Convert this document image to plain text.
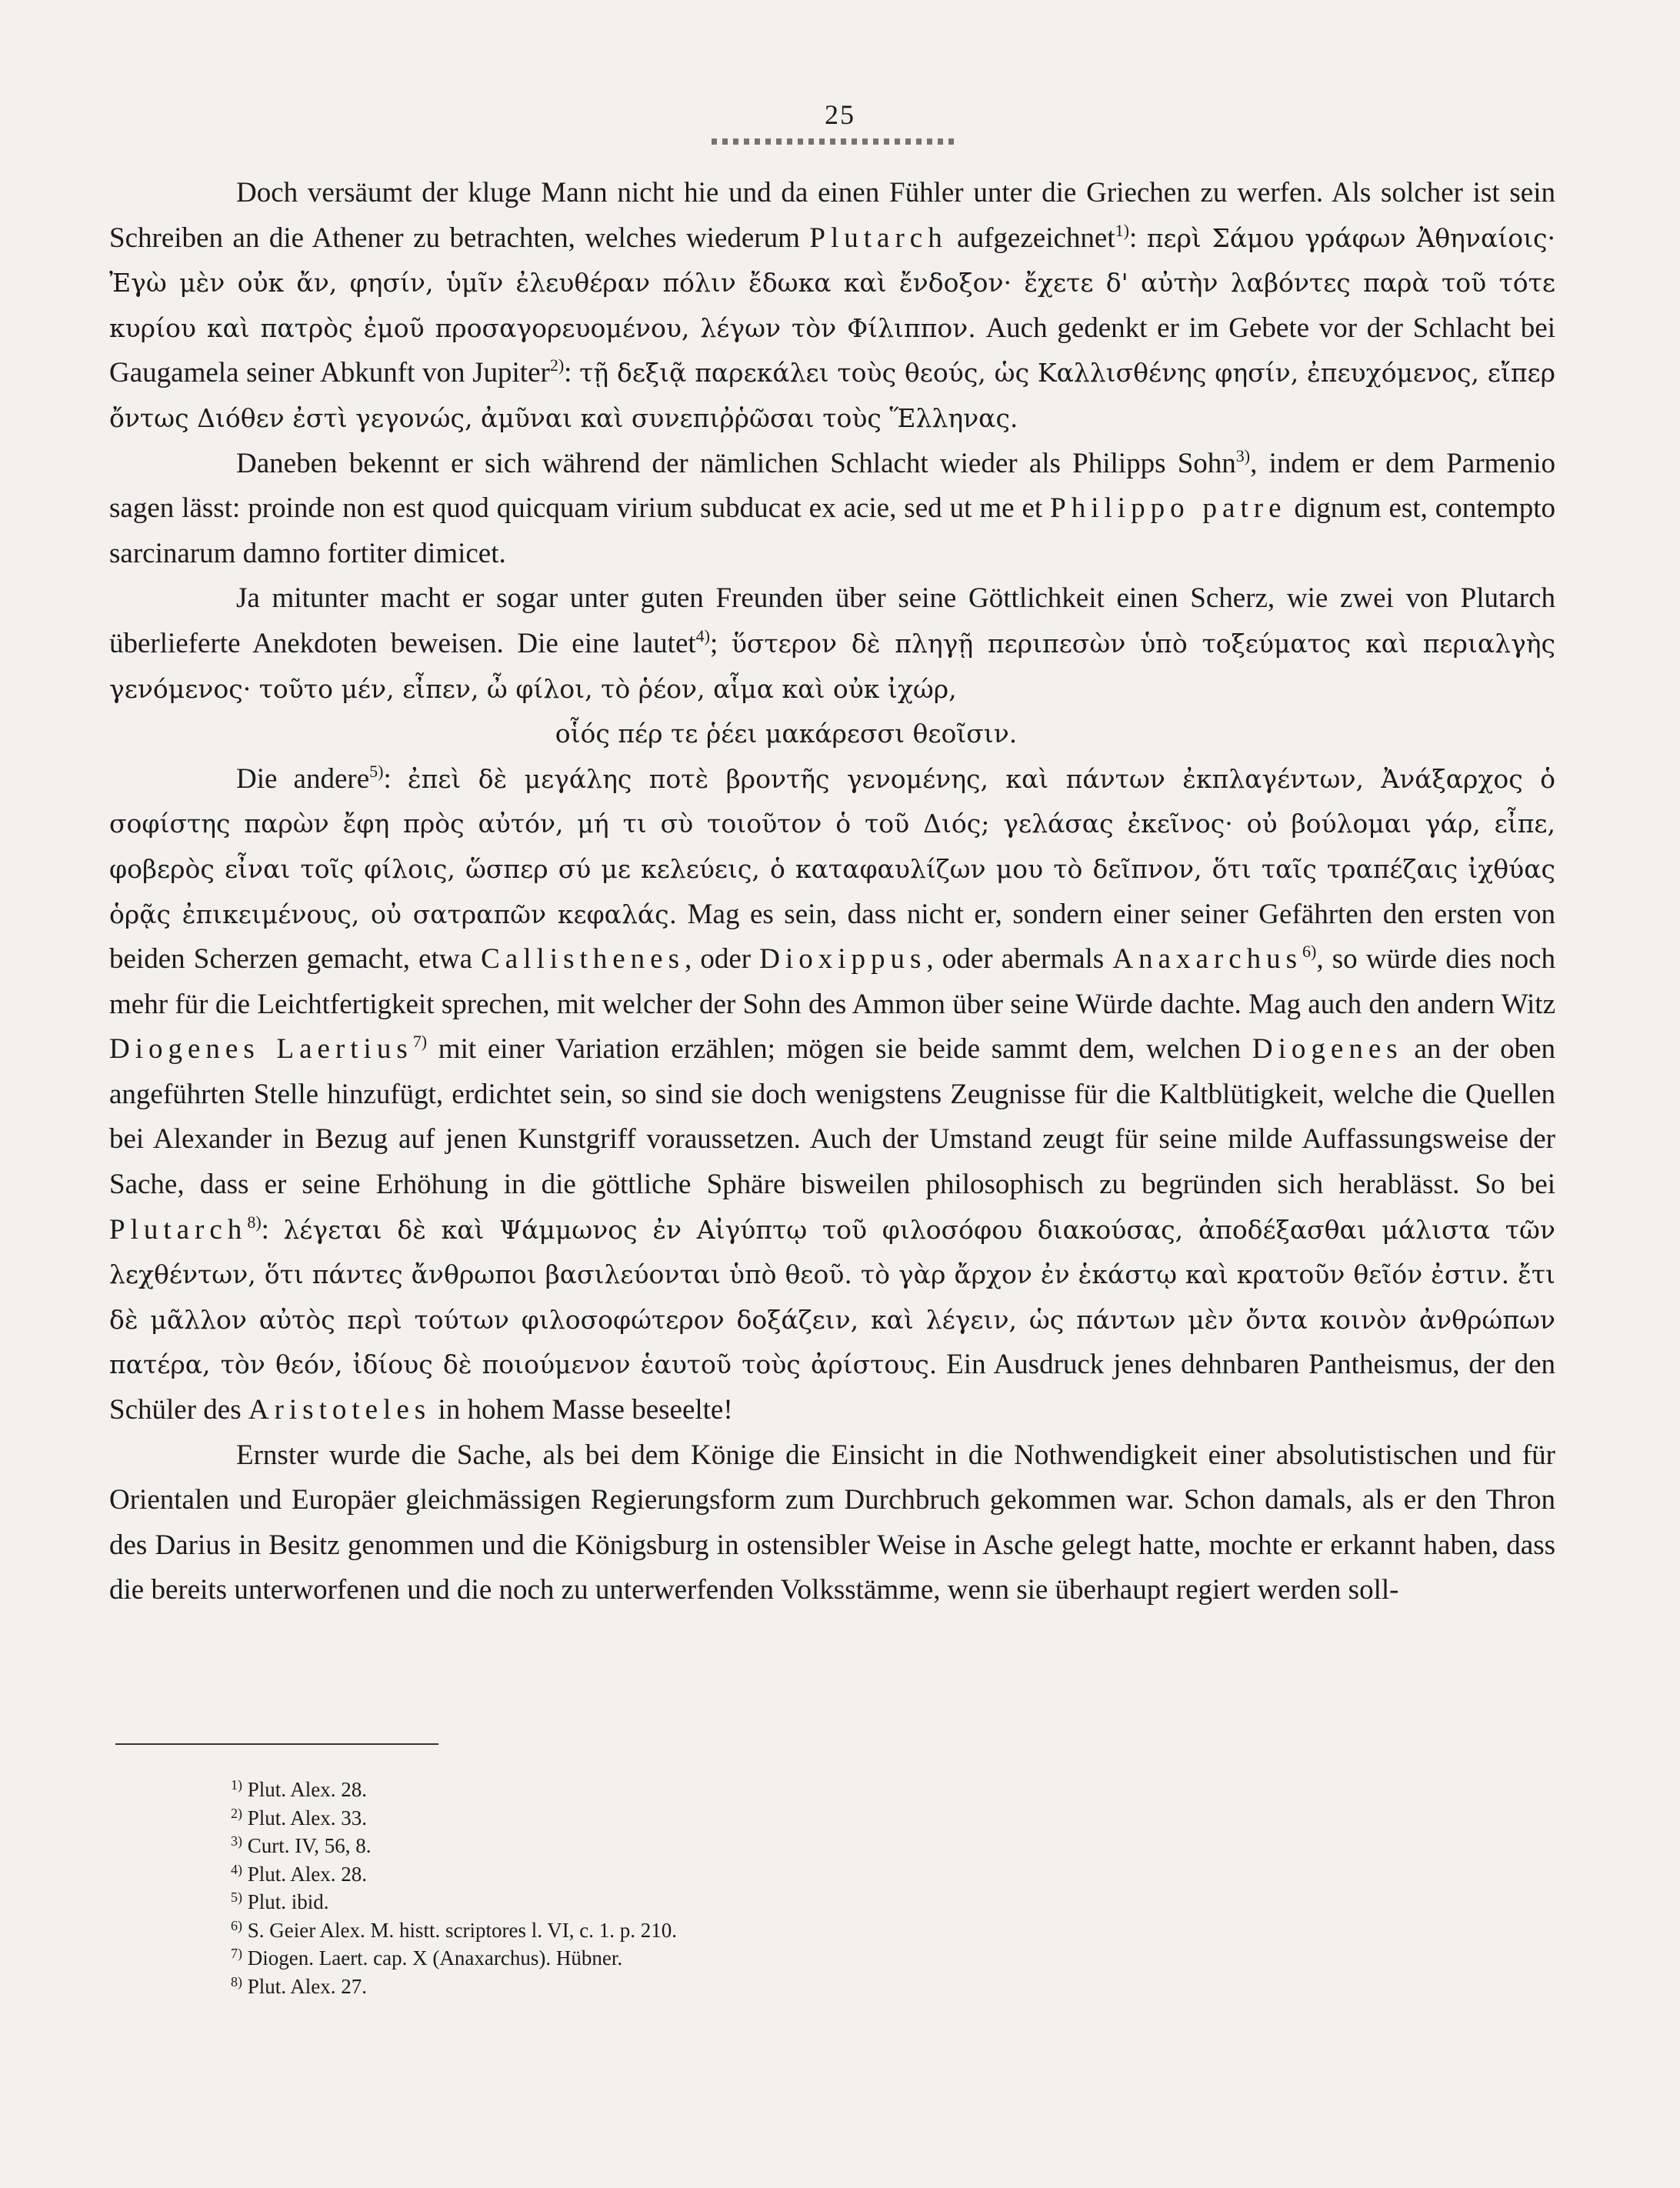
25

Doch versäumt der kluge Mann nicht hie und da einen Fühler unter die Griechen zu werfen. Als solcher ist sein Schreiben an die Athener zu betrachten, welches wiederum Plutarch aufgezeichnet$^{1)}$: περὶ Σάμου γράφων Ἀθηναίοις· Ἐγὼ μὲν οὐκ ἄν, φησίν, ὑμῖν ἐλευθέραν πόλιν ἔδωκα καὶ ἔνδοξον· ἔχετε δ' αὐτὴν λαβόντες παρὰ τοῦ τότε κυρίου καὶ πατρὸς ἐμοῦ προσαγορευομένου, λέγων τὸν Φίλιππον. Auch gedenkt er im Gebete vor der Schlacht bei Gaugamela seiner Abkunft von Jupiter$^{2)}$: τῇ δεξιᾷ παρεκάλει τοὺς θεούς, ὡς Καλλισθένης φησίν, ἐπευχόμενος, εἴπερ ὄντως Διόθεν ἐστὶ γεγονώς, ἀμῦναι καὶ συνεπιῤῥῶσαι τοὺς Ἕλληνας.

Daneben bekennt er sich während der nämlichen Schlacht wieder als Philipps Sohn$^{3)}$, indem er dem Parmenio sagen lässt: proinde non est quod quicquam virium subducat ex acie, sed ut me et Philippo patre dignum est, contempto sarcinarum damno fortiter dimicet.

Ja mitunter macht er sogar unter guten Freunden über seine Göttlichkeit einen Scherz, wie zwei von Plutarch überlieferte Anekdoten beweisen. Die eine lautet$^{4)}$; ὕστερον δὲ πληγῇ περιπεσὼν ὑπὸ τοξεύματος καὶ περιαλγὴς γενόμενος· τοῦτο μέν, εἶπεν, ὦ φίλοι, τὸ ῥέον, αἷμα καὶ οὐκ ἰχώρ,

οἷός πέρ τε ῥέει μακάρεσσι θεοῖσιν.

Die andere$^{5)}$: ἐπεὶ δὲ μεγάλης ποτὲ βροντῆς γενομένης, καὶ πάντων ἐκπλαγέντων, Ἀνάξαρχος ὁ σοφίστης παρὼν ἔφη πρὸς αὐτόν, μή τι σὺ τοιοῦτον ὁ τοῦ Διός; γελάσας ἐκεῖνος· οὐ βούλομαι γάρ, εἶπε, φοβερὸς εἶναι τοῖς φίλοις, ὥσπερ σύ με κελεύεις, ὁ καταφαυλίζων μου τὸ δεῖπνον, ὅτι ταῖς τραπέζαις ἰχθύας ὁρᾷς ἐπικειμένους, οὐ σατραπῶν κεφαλάς. Mag es sein, dass nicht er, sondern einer seiner Gefährten den ersten von beiden Scherzen gemacht, etwa Callisthenes, oder Dioxippus, oder abermals Anaxarchus$^{6)}$, so würde dies noch mehr für die Leichtfertigkeit sprechen, mit welcher der Sohn des Ammon über seine Würde dachte. Mag auch den andern Witz Diogenes Laertius$^{7)}$ mit einer Variation erzählen; mögen sie beide sammt dem, welchen Diogenes an der oben angeführten Stelle hinzufügt, erdichtet sein, so sind sie doch wenigstens Zeugnisse für die Kaltblütigkeit, welche die Quellen bei Alexander in Bezug auf jenen Kunstgriff voraussetzen. Auch der Umstand zeugt für seine milde Auffassungsweise der Sache, dass er seine Erhöhung in die göttliche Sphäre bisweilen philosophisch zu begründen sich herablässt. So bei Plutarch$^{8)}$: λέγεται δὲ καὶ Ψάμμωνος ἐν Αἰγύπτῳ τοῦ φιλοσόφου διακούσας, ἀποδέξασθαι μάλιστα τῶν λεχθέντων, ὅτι πάντες ἄνθρωποι βασιλεύονται ὑπὸ θεοῦ. τὸ γὰρ ἄρχον ἐν ἑκάστῳ καὶ κρατοῦν θεῖόν ἐστιν. ἔτι δὲ μᾶλλον αὐτὸς περὶ τούτων φιλοσοφώτερον δοξάζειν, καὶ λέγειν, ὡς πάντων μὲν ὄντα κοινὸν ἀνθρώπων πατέρα, τὸν θεόν, ἰδίους δὲ ποιούμενον ἑαυτοῦ τοὺς ἀρίστους. Ein Ausdruck jenes dehnbaren Pantheismus, der den Schüler des Aristoteles in hohem Masse beseelte!

Ernster wurde die Sache, als bei dem Könige die Einsicht in die Nothwendigkeit einer absolutistischen und für Orientalen und Europäer gleichmässigen Regierungsform zum Durchbruch gekommen war. Schon damals, als er den Thron des Darius in Besitz genommen und die Königsburg in ostensibler Weise in Asche gelegt hatte, mochte er erkannt haben, dass die bereits unterworfenen und die noch zu unterwerfenden Volksstämme, wenn sie überhaupt regiert werden soll-

$^{1)}$ Plut. Alex. 28.
$^{2)}$ Plut. Alex. 33.
$^{3)}$ Curt. IV, 56, 8.
$^{4)}$ Plut. Alex. 28.
$^{5)}$ Plut. ibid.
$^{6)}$ S. Geier Alex. M. histt. scriptores l. VI, c. 1. p. 210.
$^{7)}$ Diogen. Laert. cap. X (Anaxarchus). Hübner.
$^{8)}$ Plut. Alex. 27.
